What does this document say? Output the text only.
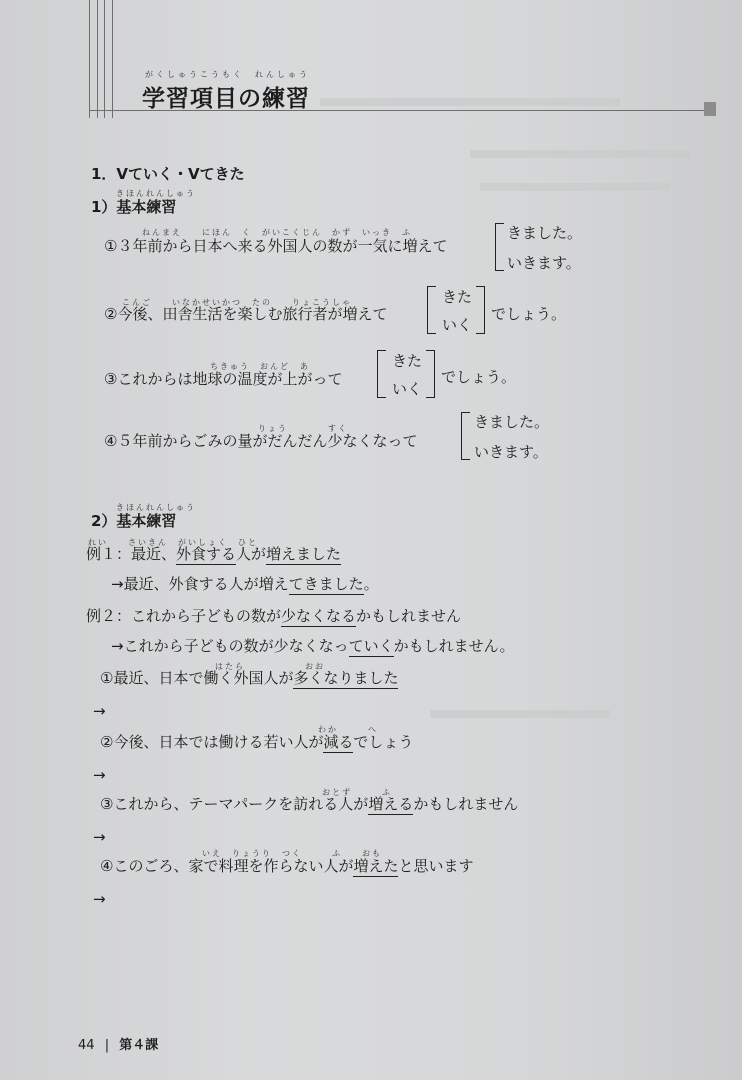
がくしゅうこうもく　れんしゅう
学習項目の練習
1．Vていく・Vてきた
きほんれんしゅう
1）基本練習
ねんまえ　　にほん　く　がいこくじん　かず　いっき　ふ
①３年前から日本へ来る外国人の数が一気に増えて
きました。
いきます。
こんご　　いなかせいかつ　たの　　りょこうしゃ
②今後、田舎生活を楽しむ旅行者が増えて
きた
いく
でしょう。
ちきゅう　おんど　あ
③これからは地球の温度が上がって
きた
いく
でしょう。
りょう　　　　すく
④５年前からごみの量がだんだん少なくなって
きました。
いきます。
きほんれんしゅう
2）基本練習
れい　　さいきん　がいしょく　ひと
例１：最近、外食する人が増えました
→最近、外食する人が増えてきました。
例２：これから子どもの数が少なくなるかもしれません
→これから子どもの数が少なくなっていくかもしれません。
はたら　　　　　　おお
①最近、日本で働く外国人が多くなりました
→
わか　　　へ
②今後、日本では働ける若い人が減るでしょう
→
おとず　　　ふ
③これから、テーマパークを訪れる人が増えるかもしれません
→
いえ　りょうり　つく　　　ふ　　おも
④このごろ、家で料理を作らない人が増えたと思います
→
44 | 第４課
